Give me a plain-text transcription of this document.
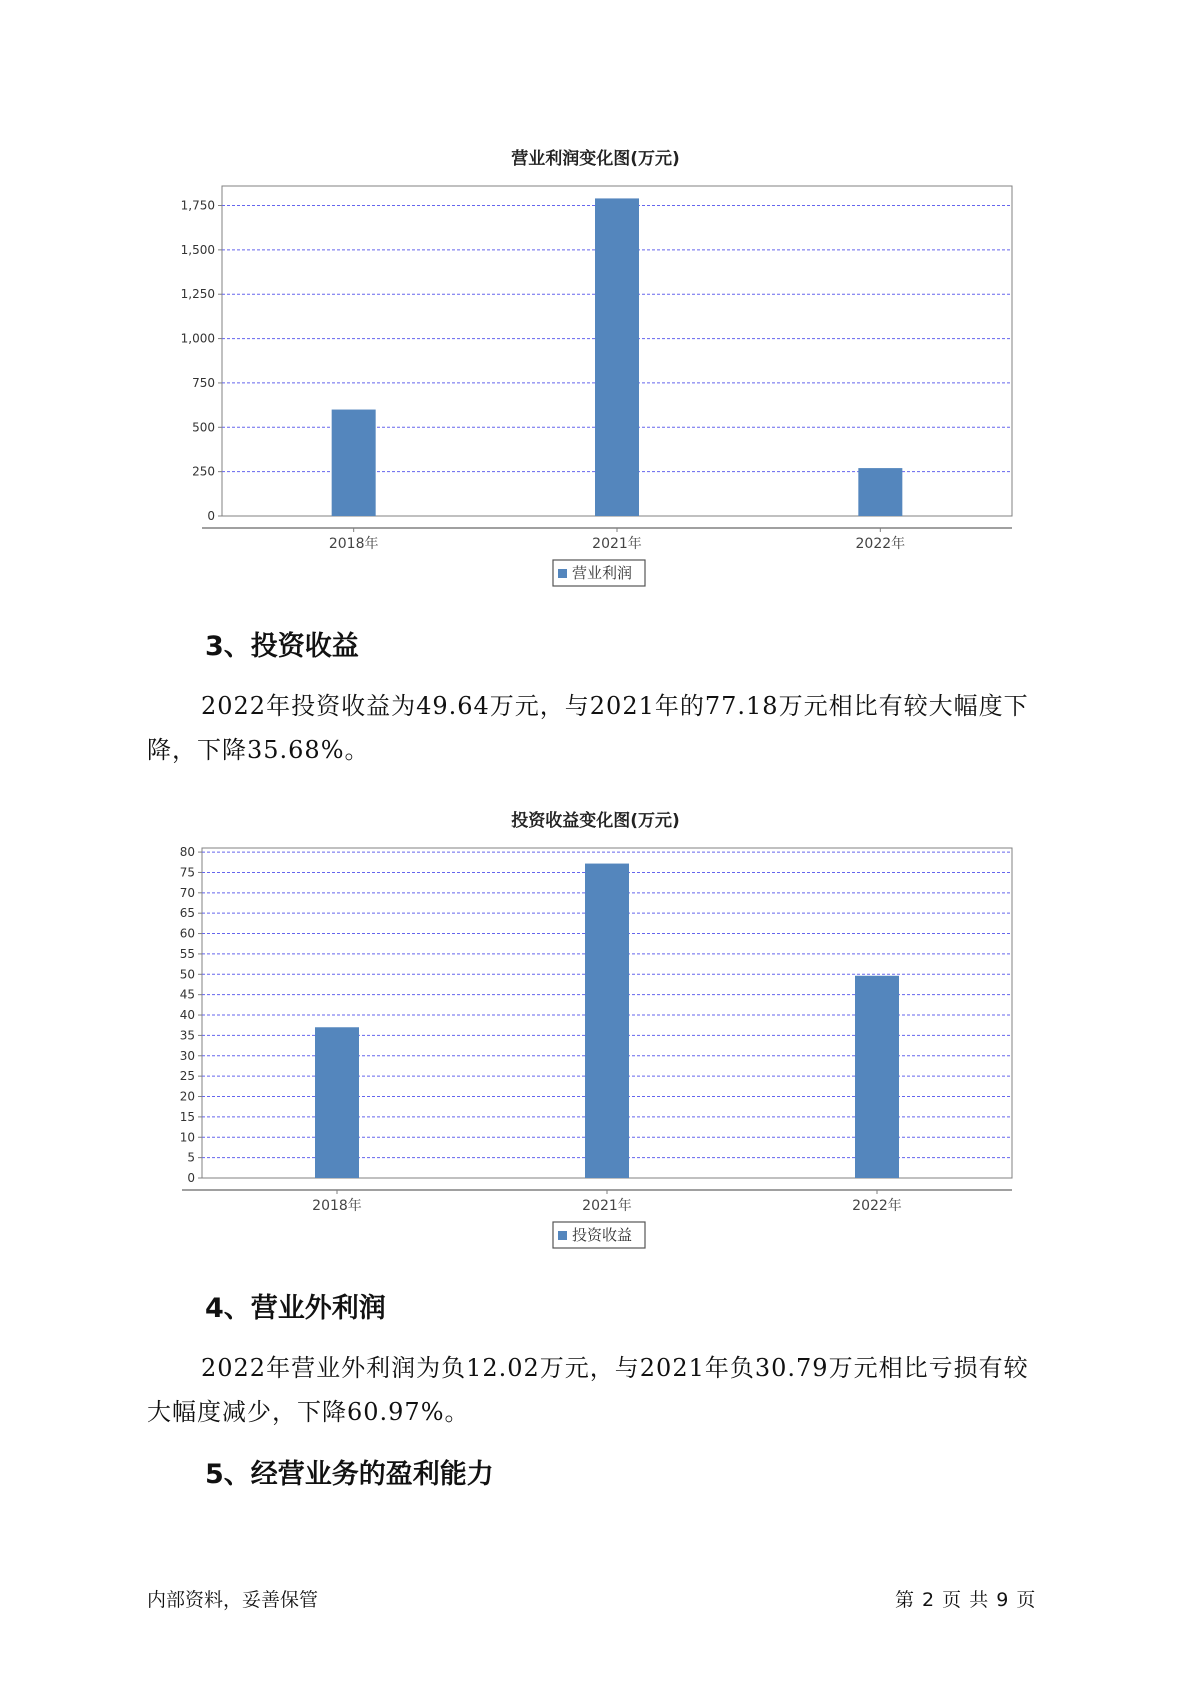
营业利润变化图(万元)
0
250
500
750
1,000
1,250
1,500
1,750
2018年	2021年	2022年
营业利润
3、投资收益

2022年投资收益为49.64万元，与2021年的77.18万元相比有较大幅度下降，下降35.68%。

投资收益变化图(万元)
0
5
10
15
20
25
30
35
40
45
50
55
60
65
70
75
80
2018年	2021年	2022年
投资收益
4、营业外利润

2022年营业外利润为负12.02万元，与2021年负30.79万元相比亏损有较大幅度减少，下降60.97%。

5、经营业务的盈利能力
内部资料，妥善保管	第 2 页 共 9 页
